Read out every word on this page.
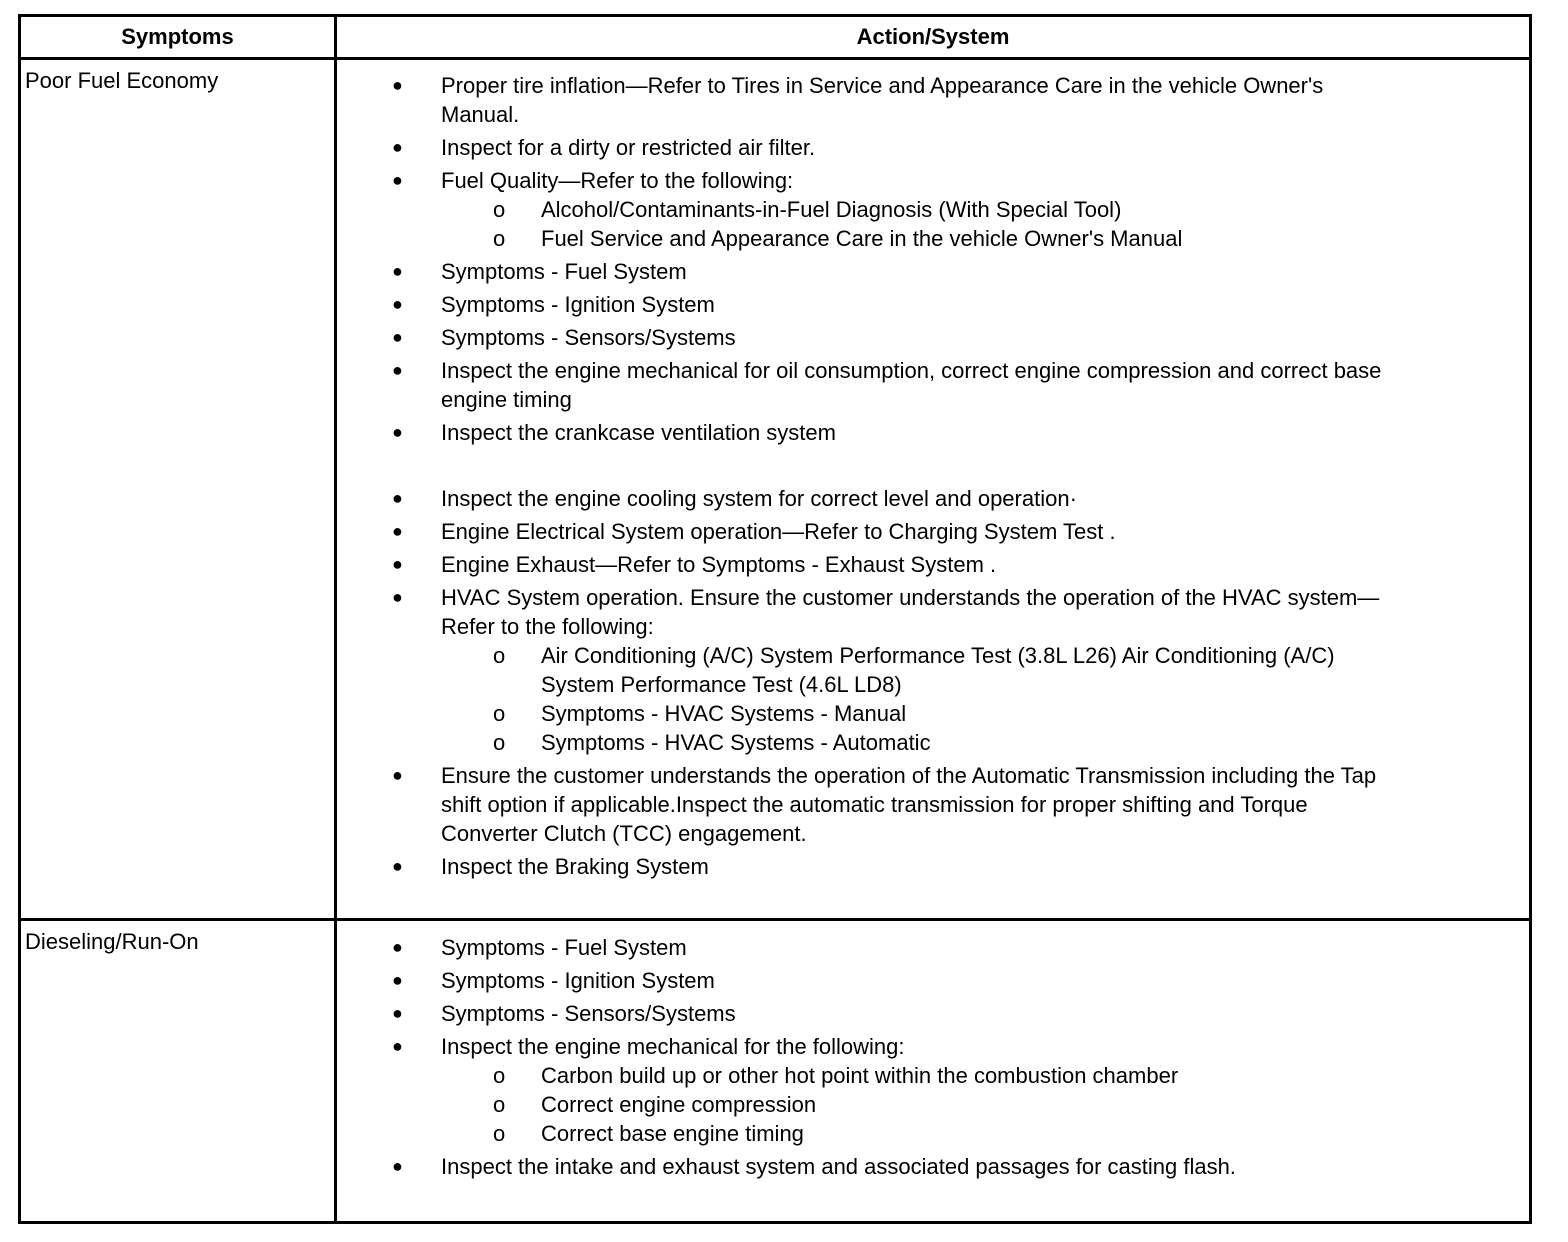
Symptoms	Action/System
Poor Fuel Economy	● Proper tire inflation—Refer to Tires in Service and Appearance Care in the vehicle Owner's
Manual.
● Inspect for a dirty or restricted air filter.
● Fuel Quality—Refer to the following:
o Alcohol/Contaminants-in-Fuel Diagnosis (With Special Tool)
o Fuel Service and Appearance Care in the vehicle Owner's Manual
● Symptoms - Fuel System
● Symptoms - Ignition System
● Symptoms - Sensors/Systems
● Inspect the engine mechanical for oil consumption, correct engine compression and correct base
engine timing
● Inspect the crankcase ventilation system
● Inspect the engine cooling system for correct level and operation·
● Engine Electrical System operation—Refer to Charging System Test .
● Engine Exhaust—Refer to Symptoms - Exhaust System .
● HVAC System operation. Ensure the customer understands the operation of the HVAC system—
Refer to the following:
o Air Conditioning (A/C) System Performance Test (3.8L L26) Air Conditioning (A/C)
System Performance Test (4.6L LD8)
o Symptoms - HVAC Systems - Manual
o Symptoms - HVAC Systems - Automatic
● Ensure the customer understands the operation of the Automatic Transmission including the Tap
shift option if applicable.Inspect the automatic transmission for proper shifting and Torque
Converter Clutch (TCC) engagement.
● Inspect the Braking System
Dieseling/Run-On	● Symptoms - Fuel System
● Symptoms - Ignition System
● Symptoms - Sensors/Systems
● Inspect the engine mechanical for the following:
o Carbon build up or other hot point within the combustion chamber
o Correct engine compression
o Correct base engine timing
● Inspect the intake and exhaust system and associated passages for casting flash.
